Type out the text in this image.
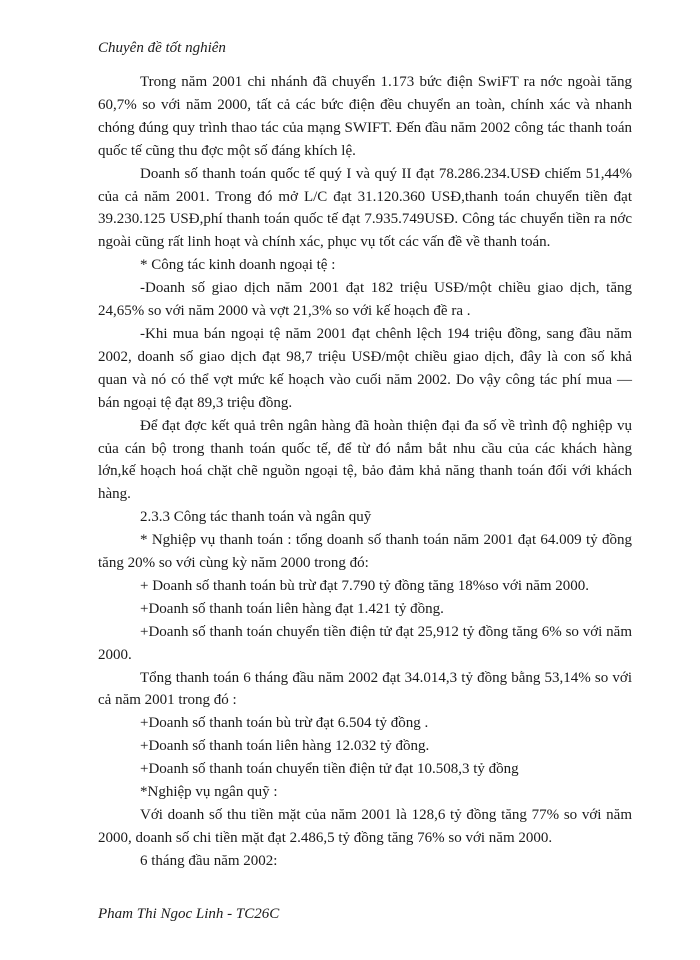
Chuyên đề tốt nghiên

Trong năm 2001 chi nhánh đã chuyển 1.173 bức điện SwiFT ra nớc ngoài tăng 60,7% so với năm 2000, tất cả các bức điện đều chuyển an toàn, chính xác và nhanh chóng đúng quy trình thao tác của mạng SWIFT. Đến đầu năm 2002 công tác thanh toán quốc tế cũng thu đợc một số đáng khích lệ.

Doanh số thanh toán quốc tế quý I và quý II đạt 78.286.234.USĐ chiếm 51,44% của cả năm 2001. Trong đó mở L/C đạt 31.120.360 USĐ,thanh toán chuyển tiền đạt 39.230.125 USĐ,phí thanh toán quốc tế đạt 7.935.749USĐ. Công tác chuyển tiền ra nớc ngoài cũng rất linh hoạt và chính xác, phục vụ tốt các vấn đề về thanh toán.

* Công tác kinh doanh ngoại tệ :

-Doanh số giao dịch năm 2001 đạt 182 triệu USĐ/một chiều giao dịch, tăng 24,65% so với năm 2000 và vợt 21,3% so với kế hoạch đề ra .

-Khi mua bán ngoại tệ năm 2001 đạt chênh lệch 194 triệu đồng, sang đầu năm 2002, doanh số giao dịch đạt 98,7 triệu USĐ/một chiều giao dịch, đây là con số khả quan và nó có thể vợt mức kế hoạch vào cuối năm 2002. Do vậy công tác phí mua — bán ngoại tệ đạt 89,3 triệu đồng.

Để đạt đợc kết quả trên ngân hàng đã hoàn thiện đại đa số về trình độ nghiệp vụ của cán bộ trong thanh toán quốc tế, để từ đó nắm bắt nhu cầu của các khách hàng lớn,kế hoạch hoá chặt chẽ nguồn ngoại tệ, bảo đảm khả năng thanh toán đối với khách hàng.

2.3.3 Công tác thanh toán và ngân quỹ

* Nghiệp vụ thanh toán : tổng doanh số thanh toán năm 2001 đạt 64.009 tỷ đồng tăng 20% so với cùng kỳ năm 2000 trong đó:

+ Doanh số thanh toán bù trừ đạt 7.790 tỷ đồng tăng 18%so với năm 2000.

+Doanh số thanh toán liên hàng đạt 1.421 tỷ đồng.

+Doanh số thanh toán chuyển tiền điện tử đạt 25,912 tỷ đồng tăng 6% so với năm 2000.

Tổng thanh toán 6 tháng đầu năm 2002 đạt 34.014,3 tỷ đồng bằng 53,14% so với cả năm 2001 trong đó :

+Doanh số thanh toán bù trừ đạt 6.504 tỷ đồng .

+Doanh số thanh toán liên hàng 12.032 tỷ đồng.

+Doanh số thanh toán chuyển tiền điện tử đạt 10.508,3 tỷ đồng

*Nghiệp vụ ngân quỹ :

Với doanh số thu tiền mặt của năm 2001 là 128,6 tỷ đồng tăng 77% so với năm 2000, doanh số chi tiền mặt đạt 2.486,5 tỷ đồng tăng 76% so với năm 2000.

6 tháng đầu năm 2002:

Pham Thi Ngoc Linh - TC26C
